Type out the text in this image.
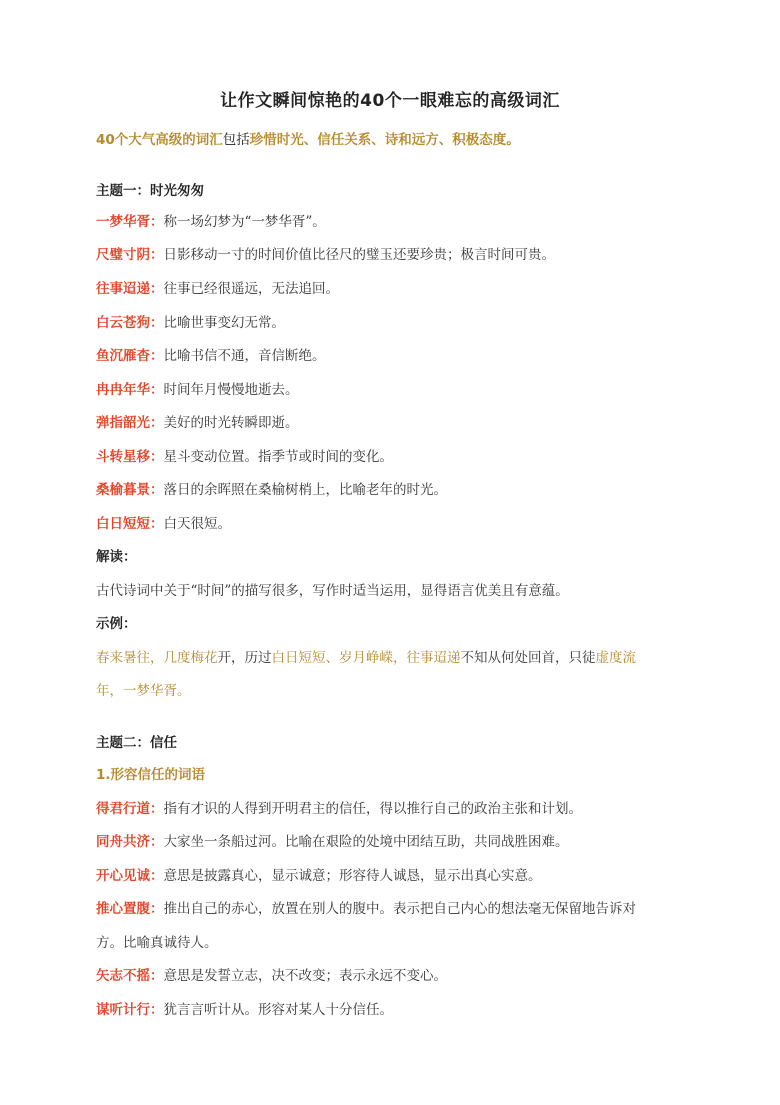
让作文瞬间惊艳的40个一眼难忘的高级词汇
40个大气高级的词汇包括珍惜时光、信任关系、诗和远方、积极态度。
主题一：时光匆匆
一梦华胥：称一场幻梦为“一梦华胥”。
尺璧寸阴：日影移动一寸的时间价值比径尺的璧玉还要珍贵；极言时间可贵。
往事迢递：往事已经很遥远，无法追回。
白云苍狗：比喻世事变幻无常。
鱼沉雁杳：比喻书信不通，音信断绝。
冉冉年华：时间年月慢慢地逝去。
弹指韶光：美好的时光转瞬即逝。
斗转星移：星斗变动位置。指季节或时间的变化。
桑榆暮景：落日的余晖照在桑榆树梢上，比喻老年的时光。
白日短短：白天很短。
解读：
古代诗词中关于“时间”的描写很多，写作时适当运用，显得语言优美且有意蕴。
示例：
春来暑往，几度梅花开，历过白日短短、岁月峥嵘，往事迢递不知从何处回首，只徒虚度流
年，一梦华胥。
主题二：信任
1.形容信任的词语
得君行道：指有才识的人得到开明君主的信任，得以推行自己的政治主张和计划。
同舟共济：大家坐一条船过河。比喻在艰险的处境中团结互助，共同战胜困难。
开心见诚：意思是披露真心，显示诚意；形容待人诚恳，显示出真心实意。
推心置腹：推出自己的赤心，放置在别人的腹中。表示把自己内心的想法毫无保留地告诉对
方。比喻真诚待人。
矢志不摇：意思是发誓立志，决不改变；表示永远不变心。
谋听计行：犹言言听计从。形容对某人十分信任。
